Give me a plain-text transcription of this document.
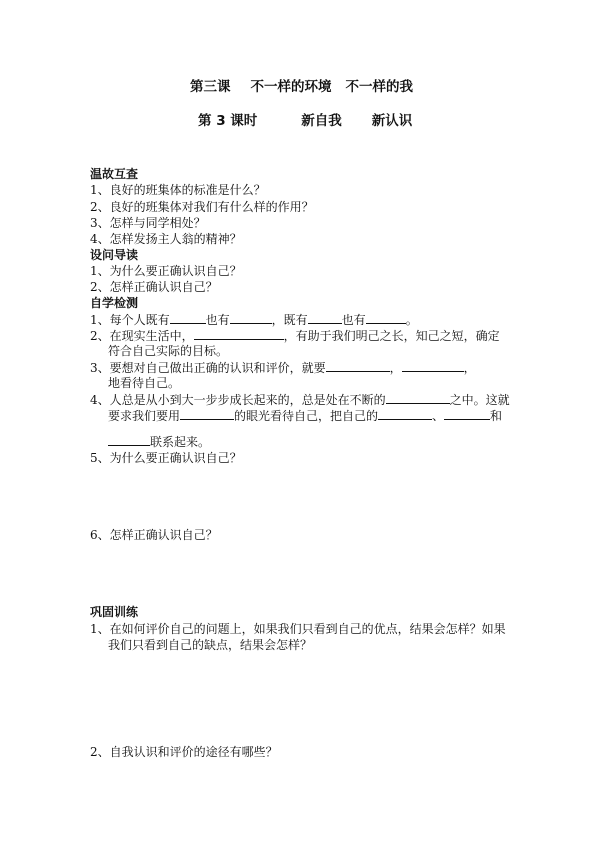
第三课 不一样的环境 不一样的我
第 3 课时	新自我 新认识
温故互查
1、良好的班集体的标准是什么？
2、良好的班集体对我们有什么样的作用？
3、怎样与同学相处？
4、怎样发扬主人翁的精神？
设问导读
1、为什么要正确认识自己？
2、怎样正确认识自己？
自学检测
1、每个人既有	也有	，既有	也有	。
2、在现实生活中，	，有助于我们明己之长，知己之短，确定
符合自己实际的目标。
3、要想对自己做出正确的认识和评价，就要	，	，
地看待自己。
4、人总是从小到大一步步成长起来的，总是处在不断的	之中。这就
要求我们要用	的眼光看待自己，把自己的	、	和
联系起来。
5、为什么要正确认识自己？
6、怎样正确认识自己？
巩固训练
1、在如何评价自己的问题上，如果我们只看到自己的优点，结果会怎样？如果
我们只看到自己的缺点，结果会怎样？
2、自我认识和评价的途径有哪些？
